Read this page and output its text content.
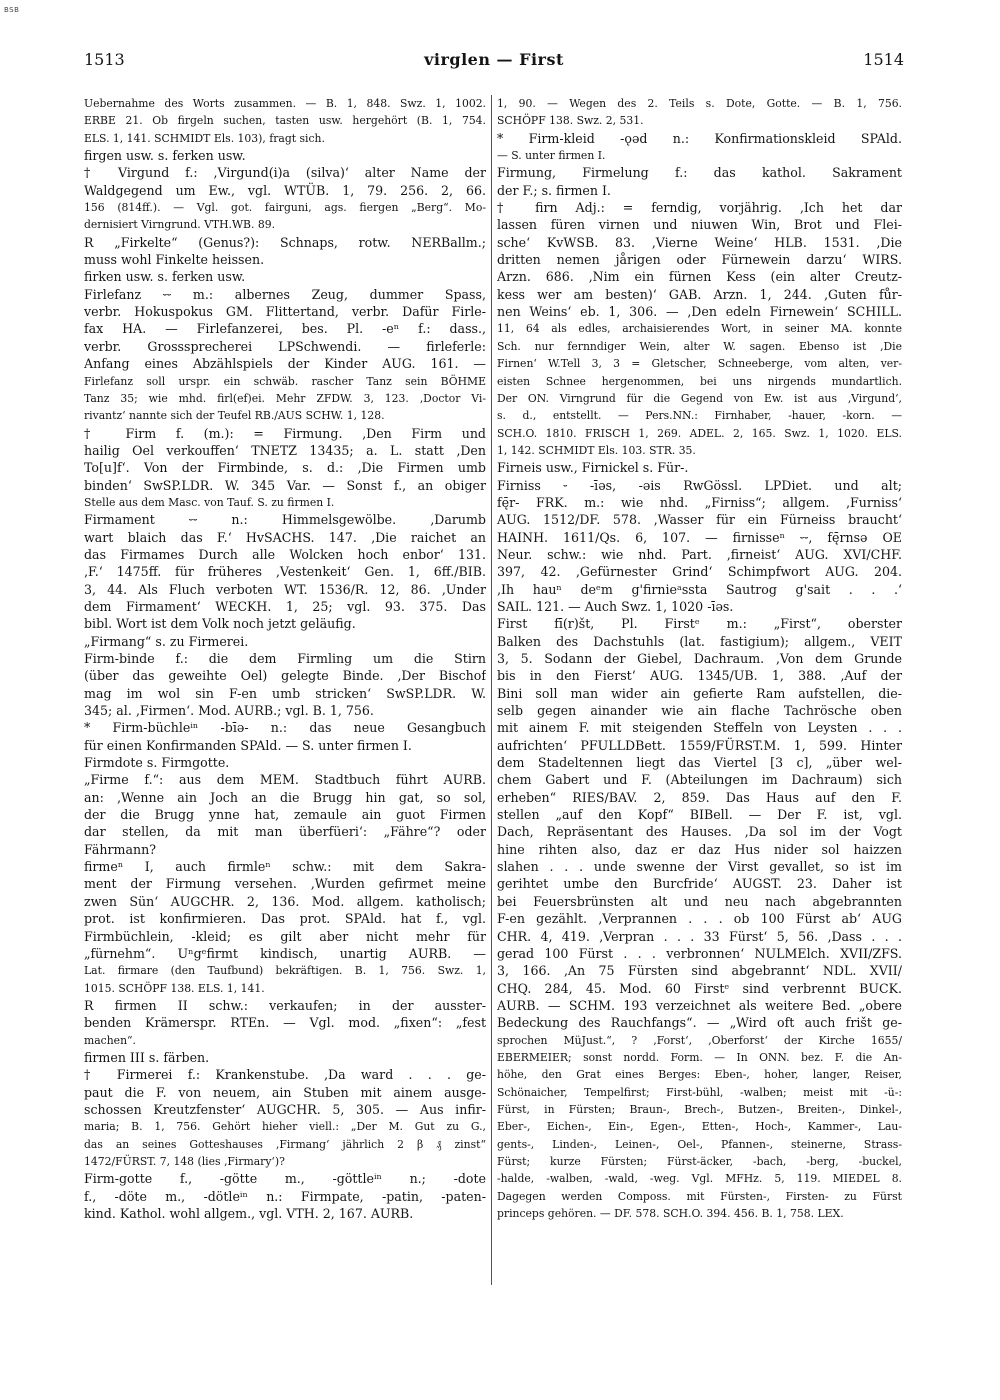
BSB
1513	virglen — First	1514
Uebernahme des Worts zusammen. — B. 1, 848. Swz. 1, 1002.
ERBE 21. Ob firgeln suchen, tasten usw. hergehört (B. 1, 754.
ELS. 1, 141. SCHMIDT Els. 103), fragt sich.
firgen usw. s. ferken usw.
† Virgund f.: ‚Virgund(i)a (silva)‘ alter Name der
Waldgegend um Ew., vgl. WTÜB. 1, 79. 256. 2, 66.
156 (814ff.). — Vgl. got. fairguni, ags. fiergen „Berg“. Mo-
dernisiert Virngrund. VTH.WB. 89.
R „Firkelte“ (Genus?): Schnaps, rotw. NERBallm.;
muss wohl Finkelte heissen.
firken usw. s. ferken usw.
Firlefanz ⏑⏑ m.: albernes Zeug, dummer Spass,
verbr. Hokuspokus GM. Flittertand, verbr. Dafür Firle-
fax HA. — Firlefanzerei, bes. Pl. -eⁿ f.: dass.,
verbr. Grosssprecherei LPSchwendi. — firleferle:
Anfang eines Abzählspiels der Kinder AUG. 161. —
Firlefanz soll urspr. ein schwäb. rascher Tanz sein BÖHME
Tanz 35; wie mhd. firl(ef)ei. Mehr ZFDW. 3, 123. ‚Doctor Vi-
rivantz‘ nannte sich der Teufel RB./AUS SCHW. 1, 128.
† Firm f. (m.): = Firmung. ‚Den Firm und
hailig Oel verkouffen‘ TNETZ 13435; a. L. statt ‚Den
To[u]f‘. Von der Firmbinde, s. d.: ‚Die Firmen umb
binden‘ SwSP.LDR. W. 345 Var. — Sonst f., an obiger
Stelle aus dem Masc. von Tauf. S. zu firmen I.
Firmament ⏑⏑ n.: Himmelsgewölbe. ‚Darumb
wart blaich das F.‘ HvSACHS. 147. ‚Die raichet an
das Firmames Durch alle Wolcken hoch enbor‘ 131.
‚F.‘ 1475ff. für früheres ‚Vestenkeit‘ Gen. 1, 6ff./BIB.
3, 44. Als Fluch verboten WT. 1536/R. 12, 86. ‚Under
dem Firmament‘ WECKH. 1, 25; vgl. 93. 375. Das
bibl. Wort ist dem Volk noch jetzt geläufig.
„Firmang“ s. zu Firmerei.
Firm-binde f.: die dem Firmling um die Stirn
(über das geweihte Oel) gelegte Binde. ‚Der Bischof
mag im wol sin F-en umb stricken‘ SwSP.LDR. W.
345; al. ‚Firmen‘. Mod. AURB.; vgl. B. 1, 756.
* Firm-büchleⁱⁿ -bīə- n.: das neue Gesangbuch
für einen Konfirmanden SPAld. — S. unter firmen I.
Firmdote s. Firmgotte.
„Firme f.“: aus dem MEM. Stadtbuch führt AURB.
an: ‚Wenne ain Joch an die Brugg hin gat, so sol,
der die Brugg ynne hat, zemaule ain guot Firmen
dar stellen, da mit man überfüeri‘: „Fähre“? oder
Fährmann?
firmeⁿ I, auch firmleⁿ schw.: mit dem Sakra-
ment der Firmung versehen. ‚Wurden gefirmet meine
zwen Sün‘ AUGCHR. 2, 136. Mod. allgem. katholisch;
prot. ist konfirmieren. Das prot. SPAld. hat f., vgl.
Firmbüchlein, -kleid; es gilt aber nicht mehr für
„fürnehm“. Uⁿgᵉfirmt kindisch, unartig AURB. —
Lat. firmare (den Taufbund) bekräftigen. B. 1, 756. Swz. 1,
1015. SCHÖPF 138. ELS. 1, 141.
R firmen II schw.: verkaufen; in der ausster-
benden Krämerspr. RTEn. — Vgl. mod. „fixen“: „fest
machen“.
firmen III s. färben.
† Firmerei f.: Krankenstube. ‚Da ward . . . ge-
paut die F. von neuem, ain Stuben mit ainem ausge-
schossen Kreutzfenster‘ AUGCHR. 5, 305. — Aus infir-
maria; B. 1, 756. Gehört hieher viell.: „Der M. Gut zu G.,
das an seines Gotteshauses ‚Firmang‘ jährlich 2 β ₰ zinst“
1472/FÜRST. 7, 148 (lies ‚Firmary‘)?
Firm-gotte f., -götte m., -göttleⁱⁿ n.; -dote
f., -döte m., -dötleⁱⁿ n.: Firmpate, -patin, -paten-
kind. Kathol. wohl allgem., vgl. VTH. 2, 167. AURB.
1, 90. — Wegen des 2. Teils s. Dote, Gotte. — B. 1, 756.
SCHÖPF 138. Swz. 2, 531.
* Firm-kleid -ǫəd n.: Konfirmationskleid SPAld.
— S. unter firmen I.
Firmung, Firmelung f.: das kathol. Sakrament
der F.; s. firmen I.
† firn Adj.: = ferndig, vorjährig. ‚Ich het dar
lassen füren virnen und niuwen Win, Brot und Flei-
sche‘ KvWSB. 83. ‚Vierne Weine‘ HLB. 1531. ‚Die
dritten nemen jårigen oder Fürnewein darzu‘ WIRS.
Arzn. 686. ‚Nim ein fürnen Kess (ein alter Creutz-
kess wer am besten)‘ GAB. Arzn. 1, 244. ‚Guten fůr-
nen Weins‘ eb. 1, 306. — ‚Den edeln Firnewein‘ SCHILL.
11, 64 als edles, archaisierendes Wort, in seiner MA. konnte
Sch. nur fernndiger Wein, alter W. sagen. Ebenso ist ‚Die
Firnen‘ W.Tell 3, 3 = Gletscher, Schneeberge, vom alten, ver-
eisten Schnee hergenommen, bei uns nirgends mundartlich.
Der ON. Virngrund für die Gegend von Ew. ist aus ‚Virgund‘,
s. d., entstellt. — Pers.NN.: Firnhaber, -hauer, -korn. —
SCH.O. 1810. FRISCH 1, 269. ADEL. 2, 165. Swz. 1, 1020. ELS.
1, 142. SCHMIDT Els. 103. STR. 35.
Firneis usw., Firnickel s. Für-.
Firniss ⏑ -īəs, -əis RwGössl. LPDiet. und alt;
fę̄r- FRK. m.: wie nhd. „Firniss“; allgem. ‚Furniss‘
AUG. 1512/DF. 578. ‚Wasser für ein Fürneiss braucht‘
HAINH. 1611/Qs. 6, 107. — firnisseⁿ ⏑⏑, fę̄rnsə OE
Neur. schw.: wie nhd. Part. ‚firneist‘ AUG. XVI/CHF.
397, 42. ‚Gefürnester Grind‘ Schimpfwort AUG. 204.
‚Ih hauⁿ deᵉm g'firnieᵃssta Sautrog g'sait . . .‘
SAIL. 121. — Auch Swz. 1, 1020 -īəs.
First fī(r)št, Pl. Firstᵉ m.: „First“, oberster
Balken des Dachstuhls (lat. fastigium); allgem., VEIT
3, 5. Sodann der Giebel, Dachraum. ‚Von dem Grunde
bis in den Fierst‘ AUG. 1345/UB. 1, 388. ‚Auf der
Bini soll man wider ain gefierte Ram aufstellen, die-
selb gegen ainander wie ain flache Tachrösche oben
mit ainem F. mit steigenden Steffeln von Leysten . . .
aufrichten‘ PFULLDBett. 1559/FÜRST.M. 1, 599. Hinter
dem Stadeltennen liegt das Viertel [3 c], „über wel-
chem Gabert und F. (Abteilungen im Dachraum) sich
erheben“ RIES/BAV. 2, 859. Das Haus auf den F.
stellen „auf den Kopf“ BIBell. — Der F. ist, vgl.
Dach, Repräsentant des Hauses. ‚Da sol im der Vogt
hine rihten also, daz er daz Hus nider sol haizzen
slahen . . . unde swenne der Virst gevallet, so ist im
gerihtet umbe den Burcfride‘ AUGST. 23. Daher ist
bei Feuersbrünsten alt und neu nach abgebrannten
F-en gezählt. ‚Verprannen . . . ob 100 Fürst ab‘ AUG
CHR. 4, 419. ‚Verpran . . . 33 Fürst‘ 5, 56. ‚Dass . . .
gerad 100 Fürst . . . verbronnen‘ NULMElch. XVII/ZFS.
3, 166. ‚An 75 Fürsten sind abgebrannt‘ NDL. XVII/
CHQ. 284, 45. Mod. 60 Firstᵉ sind verbrennt BUCK.
AURB. — SCHM. 193 verzeichnet als weitere Bed. „obere
Bedeckung des Rauchfangs“. — „Wird oft auch frišt ge-
sprochen MüJust.“, ? ‚Forst‘, ‚Oberforst‘ der Kirche 1655/
EBERMEIER; sonst nordd. Form. — In ONN. bez. F. die An-
höhe, den Grat eines Berges: Eben-, hoher, langer, Reiser,
Schönaicher, Tempelfirst; First-bühl, -walben; meist mit -ü-:
Fürst, in Fürsten; Braun-, Brech-, Butzen-, Breiten-, Dinkel-,
Eber-, Eichen-, Ein-, Egen-, Etten-, Hoch-, Kammer-, Lau-
gents-, Linden-, Leinen-, Oel-, Pfannen-, steinerne, Strass-
Fürst; kurze Fürsten; Fürst-äcker, -bach, -berg, -buckel,
-halde, -walben, -wald, -weg. Vgl. MFHz. 5, 119. MIEDEL 8.
Dagegen werden Composs. mit Fürsten-, Firsten- zu Fürst
princeps gehören. — DF. 578. SCH.O. 394. 456. B. 1, 758. LEX.
